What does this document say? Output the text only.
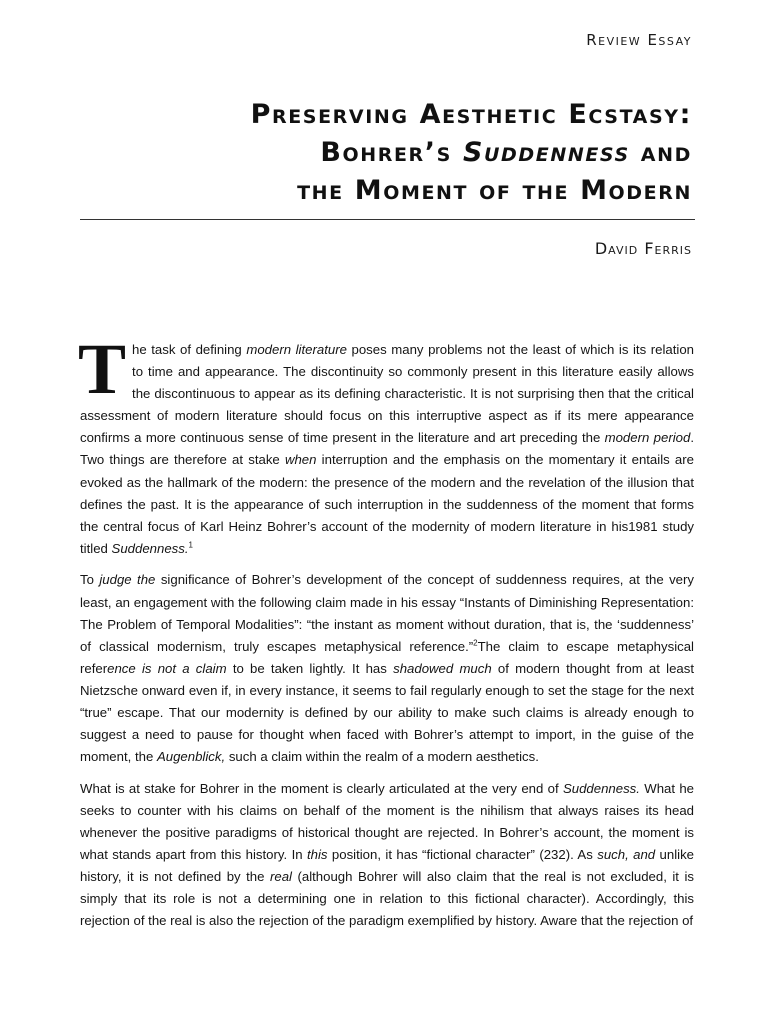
Review Essay
Preserving Aesthetic Ecstasy:
Bohrer’s Suddenness and
the Moment of the Modern
David Ferris

The task of defining modern literature poses many problems not the least of which is its relation to time and appearance. The discontinuity so commonly present in this literature easily allows the discontinuous to appear as its defining characteristic. It is not surprising then that the critical assessment of modern literature should focus on this interruptive aspect as if its mere appearance confirms a more continuous sense of time present in the literature and art preceding the modern period. Two things are therefore at stake when interruption and the emphasis on the momentary it entails are evoked as the hallmark of the modern: the presence of the modern and the revelation of the illusion that defines the past. It is the appearance of such interruption in the suddenness of the moment that forms the central focus of Karl Heinz Bohrer’s account of the modernity of modern literature in his1981 study titled Suddenness.$^1$

To judge the significance of Bohrer’s development of the concept of suddenness requires, at the very least, an engagement with the following claim made in his essay “Instants of Diminishing Representation: The Problem of Temporal Modalities”: “the instant as moment without duration, that is, the ‘suddenness’ of classical modernism, truly escapes metaphysical reference.”$^2$The claim to escape metaphysical reference is not a claim to be taken lightly. It has shadowed much of modern thought from at least Nietzsche onward even if, in every instance, it seems to fail regularly enough to set the stage for the next “true” escape. That our modernity is defined by our ability to make such claims is already enough to suggest a need to pause for thought when faced with Bohrer’s attempt to import, in the guise of the moment, the Augenblick, such a claim within the realm of a modern aesthetics.

What is at stake for Bohrer in the moment is clearly articulated at the very end of Suddenness. What he seeks to counter with his claims on behalf of the moment is the nihilism that always raises its head whenever the positive paradigms of historical thought are rejected. In Bohrer’s account, the moment is what stands apart from this history. In this position, it has “fictional character” (232). As such, and unlike history, it is not defined by the real (although Bohrer will also claim that the real is not excluded, it is simply that its role is not a determining one in relation to this fictional character). Accordingly, this rejection of the real is also the rejection of the paradigm exemplified by history. Aware that the rejection of
